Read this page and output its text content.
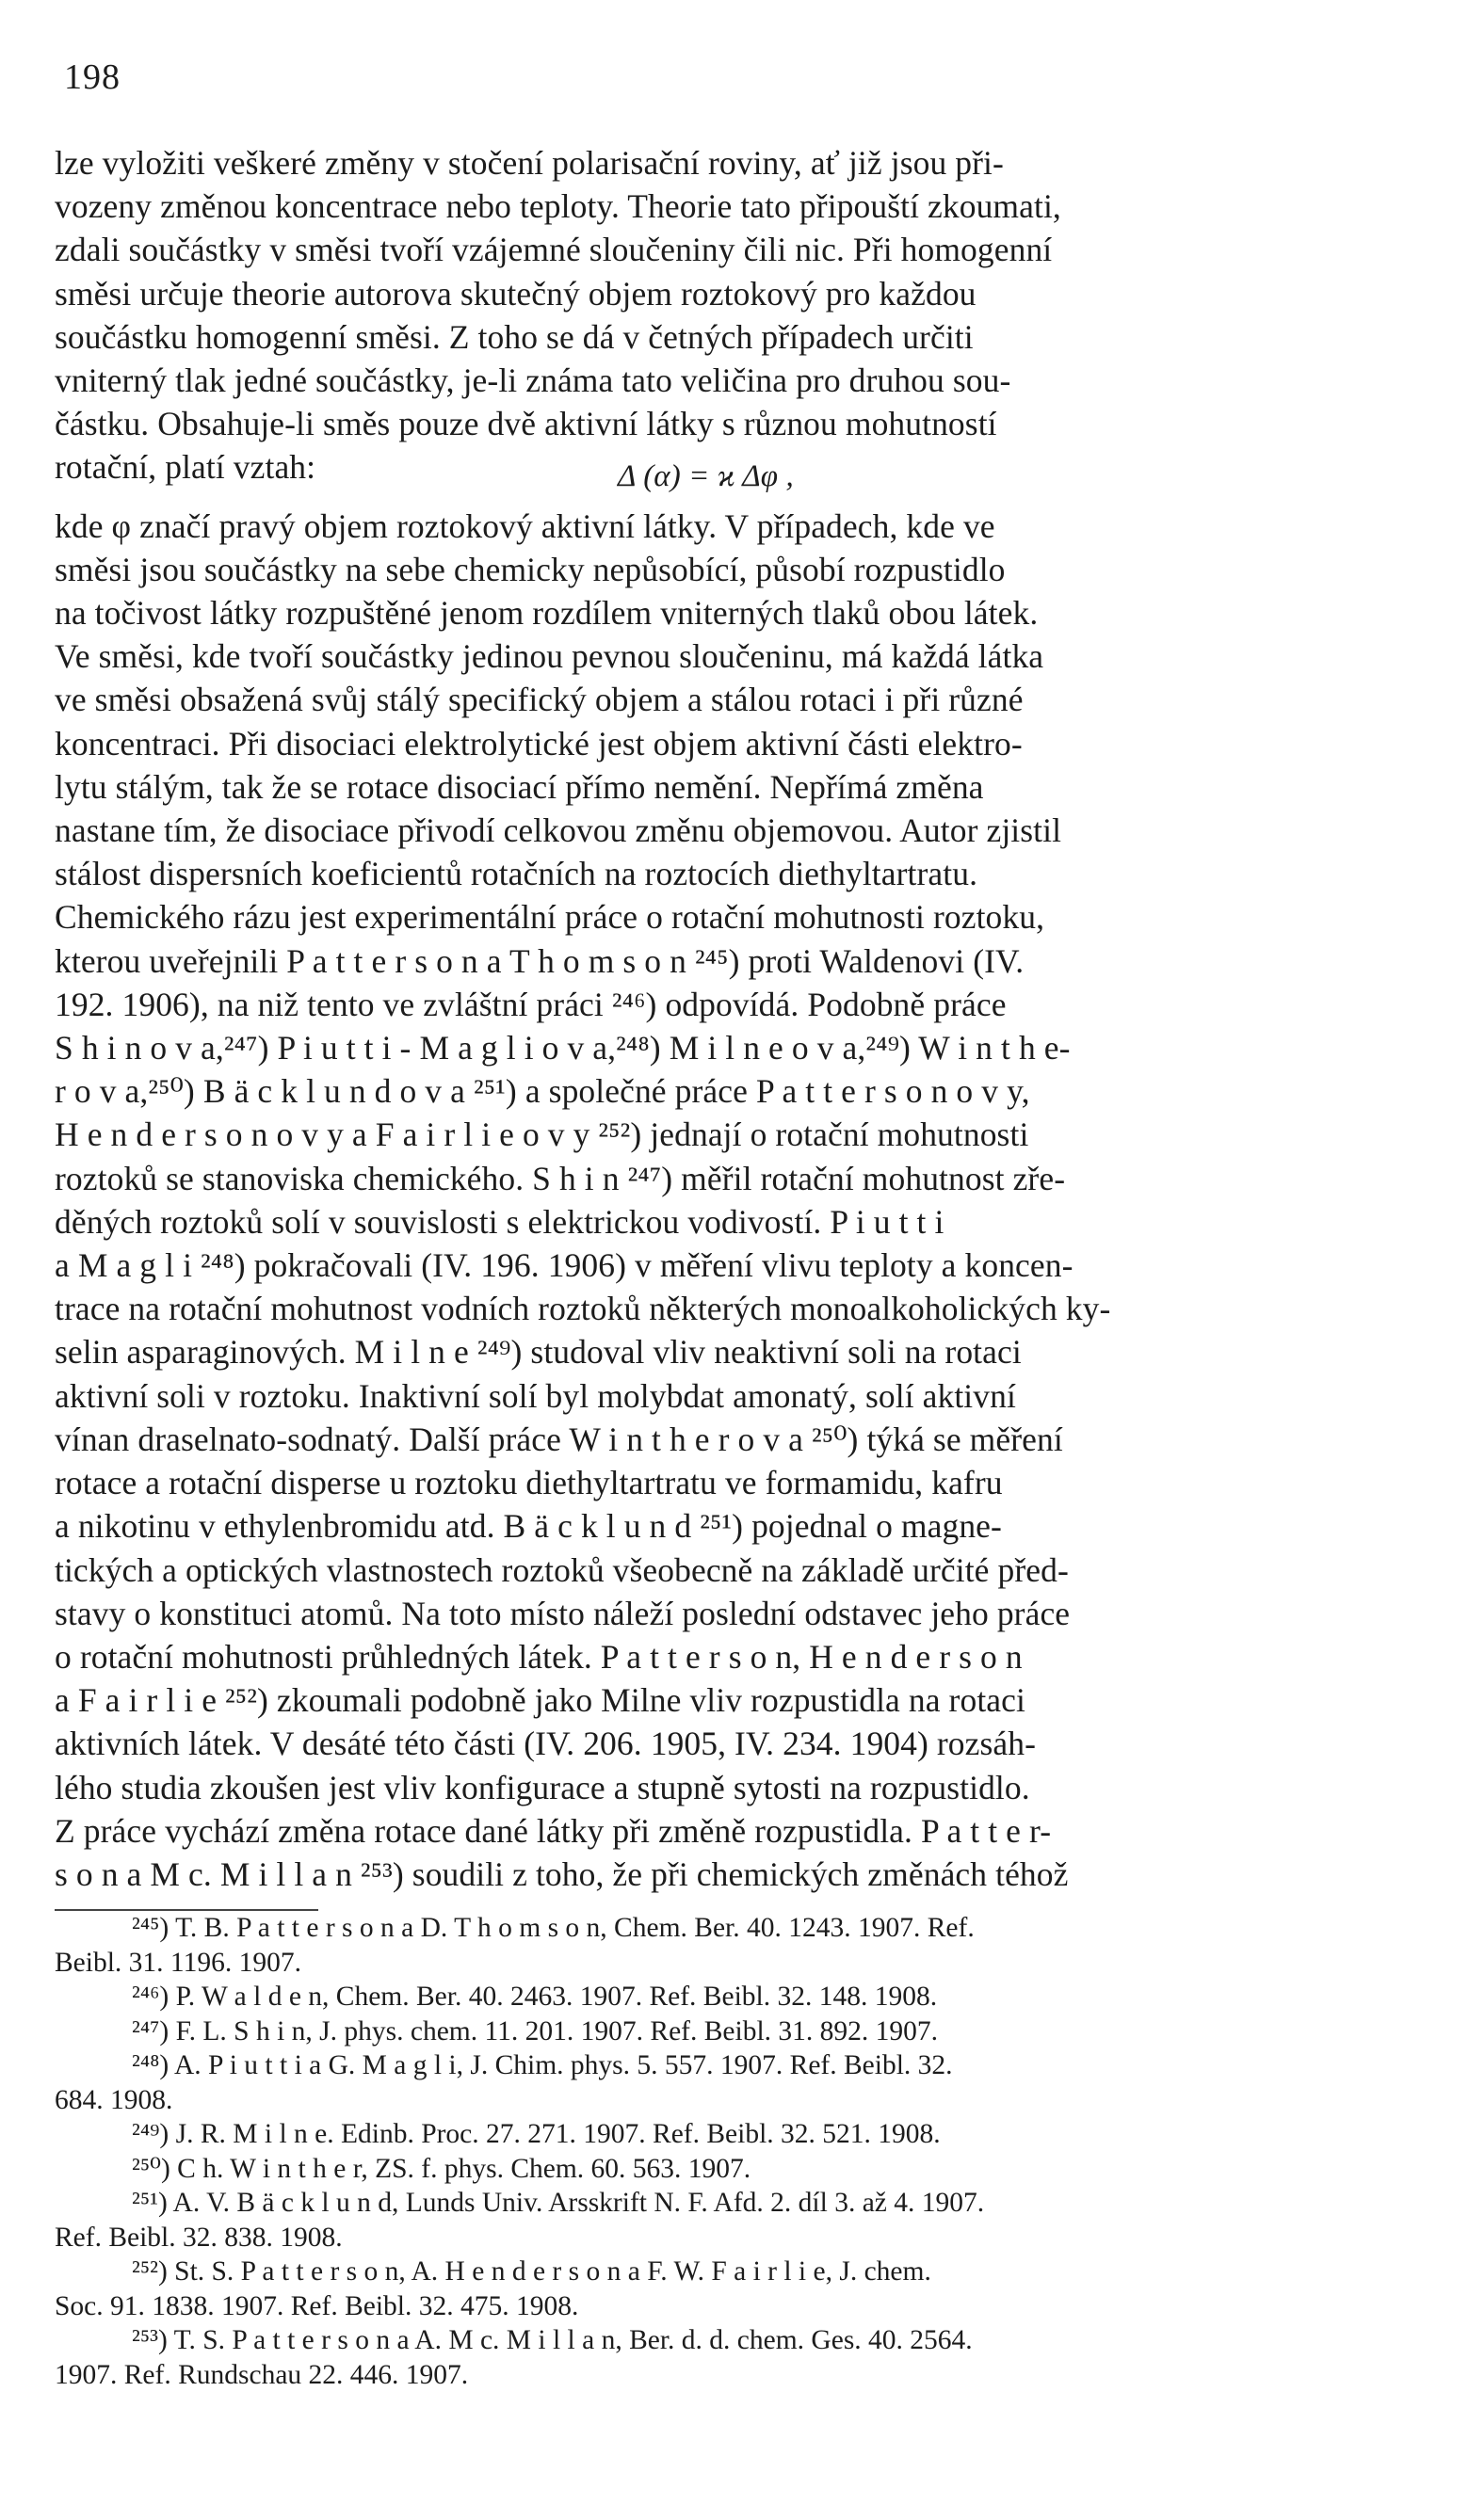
198
lze vyložiti veškeré změny v stočení polarisační roviny, ať již jsou při-
vozeny změnou koncentrace nebo teploty. Theorie tato připouští zkoumati,
zdali součástky v směsi tvoří vzájemné sloučeniny čili nic. Při homogenní
směsi určuje theorie autorova skutečný objem roztokový pro každou
součástku homogenní směsi. Z toho se dá v četných případech určiti
vniterný tlak jedné součástky, je-li známa tato veličina pro druhou sou-
částku. Obsahuje-li směs pouze dvě aktivní látky s různou mohutností
rotační, platí vztah:	Δ (α) = ϰ Δφ ,
kde φ značí pravý objem roztokový aktivní látky. V případech, kde ve
směsi jsou součástky na sebe chemicky nepůsobící, působí rozpustidlo
na točivost látky rozpuštěné jenom rozdílem vniterných tlaků obou látek.
Ve směsi, kde tvoří součástky jedinou pevnou sloučeninu, má každá látka
ve směsi obsažená svůj stálý specifický objem a stálou rotaci i při různé
koncentraci. Při disociaci elektrolytické jest objem aktivní části elektro-
lytu stálým, tak že se rotace disociací přímo nemění. Nepřímá změna
nastane tím, že disociace přivodí celkovou změnu objemovou. Autor zjistil
stálost dispersních koeficientů rotačních na roztocích diethyltartratu.
Chemického rázu jest experimentální práce o rotační mohutnosti roztoku,
kterou uveřejnili P a t t e r s o n a T h o m s o n ²⁴⁵) proti Waldenovi (IV.
192. 1906), na niž tento ve zvláštní práci ²⁴⁶) odpovídá. Podobně práce
S h i n o v a,²⁴⁷) P i u t t i - M a g l i o v a,²⁴⁸) M i l n e o v a,²⁴⁹) W i n t h e-
r o v a,²⁵⁰) B ä c k l u n d o v a ²⁵¹) a společné práce P a t t e r s o n o v y,
H e n d e r s o n o v y a F a i r l i e o v y ²⁵²) jednají o rotační mohutnosti
roztoků se stanoviska chemického. S h i n ²⁴⁷) měřil rotační mohutnost zře-
děných roztoků solí v souvislosti s elektrickou vodivostí. P i u t t i
a M a g l i ²⁴⁸) pokračovali (IV. 196. 1906) v měření vlivu teploty a koncen-
trace na rotační mohutnost vodních roztoků některých monoalkoholických ky-
selin asparaginových. M i l n e ²⁴⁹) studoval vliv neaktivní soli na rotaci
aktivní soli v roztoku. Inaktivní solí byl molybdat amonatý, solí aktivní
vínan draselnato-sodnatý. Další práce W i n t h e r o v a ²⁵⁰) týká se měření
rotace a rotační disperse u roztoku diethyltartratu ve formamidu, kafru
a nikotinu v ethylenbromidu atd. B ä c k l u n d ²⁵¹) pojednal o magne-
tických a optických vlastnostech roztoků všeobecně na základě určité před-
stavy o konstituci atomů. Na toto místo náleží poslední odstavec jeho práce
o rotační mohutnosti průhledných látek. P a t t e r s o n, H e n d e r s o n
a F a i r l i e ²⁵²) zkoumali podobně jako Milne vliv rozpustidla na rotaci
aktivních látek. V desáté této části (IV. 206. 1905, IV. 234. 1904) rozsáh-
lého studia zkoušen jest vliv konfigurace a stupně sytosti na rozpustidlo.
Z práce vychází změna rotace dané látky při změně rozpustidla. P a t t e r-
s o n a M c. M i l l a n ²⁵³) soudili z toho, že při chemických změnách téhož
²⁴⁵) T. B. P a t t e r s o n a D. T h o m s o n, Chem. Ber. 40. 1243. 1907. Ref.
Beibl. 31. 1196. 1907.
²⁴⁶) P. W a l d e n, Chem. Ber. 40. 2463. 1907. Ref. Beibl. 32. 148. 1908.
²⁴⁷) F. L. S h i n, J. phys. chem. 11. 201. 1907. Ref. Beibl. 31. 892. 1907.
²⁴⁸) A. P i u t t i a G. M a g l i, J. Chim. phys. 5. 557. 1907. Ref. Beibl. 32.
684. 1908.
²⁴⁹) J. R. M i l n e. Edinb. Proc. 27. 271. 1907. Ref. Beibl. 32. 521. 1908.
²⁵⁰) C h. W i n t h e r, ZS. f. phys. Chem. 60. 563. 1907.
²⁵¹) A. V. B ä c k l u n d, Lunds Univ. Arsskrift N. F. Afd. 2. díl 3. až 4. 1907.
Ref. Beibl. 32. 838. 1908.
²⁵²) St. S. P a t t e r s o n, A. H e n d e r s o n a F. W. F a i r l i e, J. chem.
Soc. 91. 1838. 1907. Ref. Beibl. 32. 475. 1908.
²⁵³) T. S. P a t t e r s o n a A. M c. M i l l a n, Ber. d. d. chem. Ges. 40. 2564.
1907. Ref. Rundschau 22. 446. 1907.
